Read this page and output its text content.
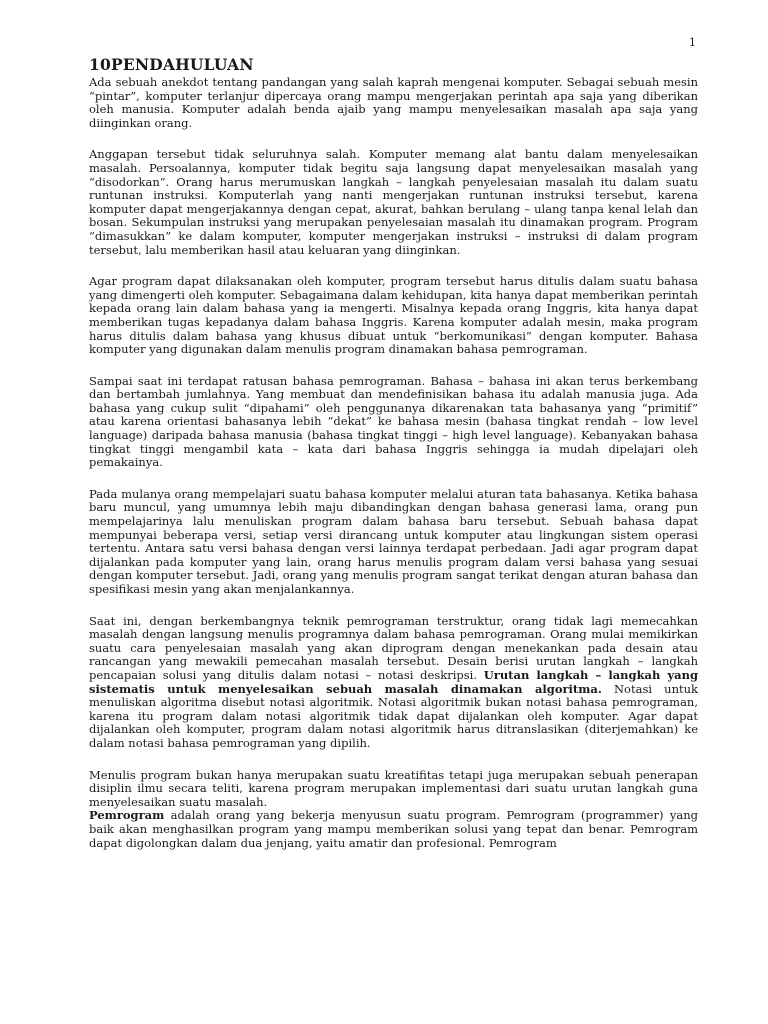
1
10PENDAHULUAN

Ada sebuah anekdot tentang pandangan yang salah kaprah mengenai komputer. Sebagai sebuah mesin “pintar”, komputer terlanjur dipercaya orang mampu mengerjakan perintah apa saja yang diberikan oleh manusia. Komputer adalah benda ajaib yang mampu menyelesaikan masalah apa saja yang diinginkan orang.

Anggapan tersebut tidak seluruhnya salah. Komputer memang alat bantu dalam menyelesaikan masalah. Persoalannya, komputer tidak begitu saja langsung dapat menyelesaikan masalah yang “disodorkan”. Orang harus merumuskan langkah – langkah penyelesaian masalah itu dalam suatu runtunan instruksi. Komputerlah yang nanti mengerjakan runtunan instruksi tersebut, karena komputer dapat mengerjakannya dengan cepat, akurat, bahkan berulang – ulang tanpa kenal lelah dan bosan. Sekumpulan instruksi yang merupakan penyelesaian masalah itu dinamakan program. Program “dimasukkan” ke dalam komputer, komputer mengerjakan instruksi – instruksi di dalam program tersebut, lalu memberikan hasil atau keluaran yang diinginkan.

Agar program dapat dilaksanakan oleh komputer, program tersebut harus ditulis dalam suatu bahasa yang dimengerti oleh komputer. Sebagaimana dalam kehidupan, kita hanya dapat memberikan perintah kepada orang lain dalam bahasa yang ia mengerti. Misalnya kepada orang Inggris, kita hanya dapat memberikan tugas kepadanya dalam bahasa Inggris. Karena komputer adalah mesin, maka program harus ditulis dalam bahasa yang khusus dibuat untuk “berkomunikasi” dengan komputer. Bahasa komputer yang digunakan dalam menulis program dinamakan bahasa pemrograman.

Sampai saat ini terdapat ratusan bahasa pemrograman. Bahasa – bahasa ini akan terus berkembang dan bertambah jumlahnya. Yang membuat dan mendefinisikan bahasa itu adalah manusia juga. Ada bahasa yang cukup sulit “dipahami” oleh penggunanya dikarenakan tata bahasanya yang “primitif” atau karena orientasi bahasanya lebih “dekat” ke bahasa mesin (bahasa tingkat rendah – low level language) daripada bahasa manusia (bahasa tingkat tinggi – high level language). Kebanyakan bahasa tingkat tinggi mengambil kata – kata dari bahasa Inggris sehingga ia mudah dipelajari oleh pemakainya.

Pada mulanya orang mempelajari suatu bahasa komputer melalui aturan tata bahasanya. Ketika bahasa baru muncul, yang umumnya lebih maju dibandingkan dengan bahasa generasi lama, orang pun mempelajarinya lalu menuliskan program dalam bahasa baru tersebut. Sebuah bahasa dapat mempunyai beberapa versi, setiap versi dirancang untuk komputer atau lingkungan sistem operasi tertentu. Antara satu versi bahasa dengan versi lainnya terdapat perbedaan. Jadi agar program dapat dijalankan pada komputer yang lain, orang harus menulis program dalam versi bahasa yang sesuai dengan komputer tersebut. Jadi, orang yang menulis program sangat terikat dengan aturan bahasa dan spesifikasi mesin yang akan menjalankannya.

Saat ini, dengan berkembangnya teknik pemrograman terstruktur, orang tidak lagi memecahkan masalah dengan langsung menulis programnya dalam bahasa pemrograman. Orang mulai memikirkan suatu cara penyelesaian masalah yang akan diprogram dengan menekankan pada desain atau rancangan yang mewakili pemecahan masalah tersebut. Desain berisi urutan langkah – langkah pencapaian solusi yang ditulis dalam notasi – notasi deskripsi. Urutan langkah – langkah yang sistematis untuk menyelesaikan sebuah masalah dinamakan algoritma. Notasi untuk menuliskan algoritma disebut notasi algoritmik. Notasi algoritmik bukan notasi bahasa pemrograman, karena itu program dalam notasi algoritmik tidak dapat dijalankan oleh komputer. Agar dapat dijalankan oleh komputer, program dalam notasi algoritmik harus ditranslasikan (diterjemahkan) ke dalam notasi bahasa pemrograman yang dipilih.

Menulis program bukan hanya merupakan suatu kreatifitas tetapi juga merupakan sebuah penerapan disiplin ilmu secara teliti, karena program merupakan implementasi dari suatu urutan langkah guna menyelesaikan suatu masalah.

Pemrogram adalah orang yang bekerja menyusun suatu program. Pemrogram (programmer) yang baik akan menghasilkan program yang mampu memberikan solusi yang tepat dan benar. Pemrogram dapat digolongkan dalam dua jenjang, yaitu amatir dan profesional. Pemrogram
